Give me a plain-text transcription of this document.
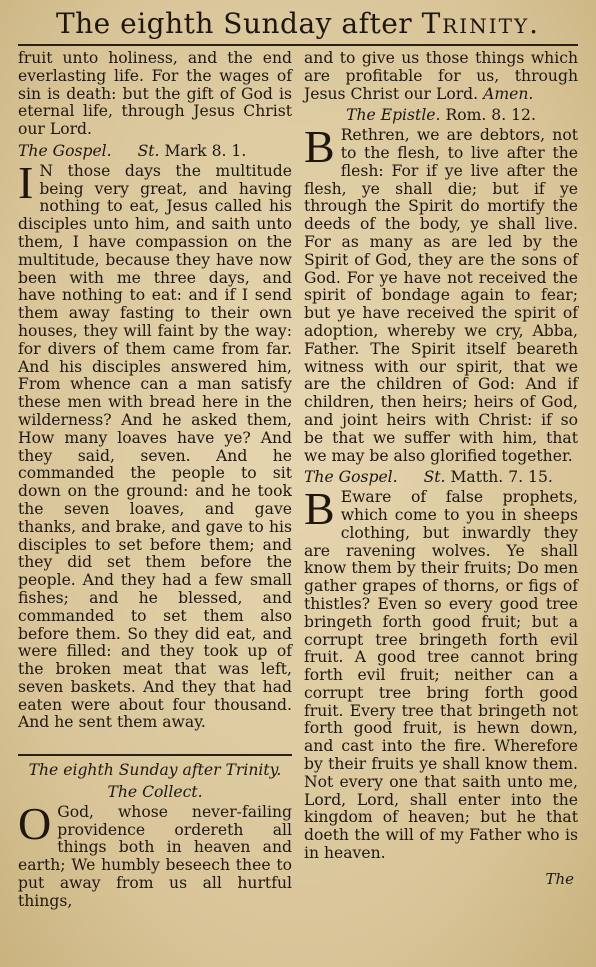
The eighth Sunday after Trinity.

fruit unto holiness, and the end everlasting life. For the wages of sin is death: but the gift of God is eternal life, through Jesus Christ our Lord.

The Gospel. St. Mark 8. 1.

I N those days the multitude being very great, and having nothing to eat, Jesus called his disciples unto him, and saith unto them, I have compassion on the multitude, because they have now been with me three days, and have nothing to eat: and if I send them away fasting to their own houses, they will faint by the way: for divers of them came from far. And his disciples answered him, From whence can a man satisfy these men with bread here in the wilderness? And he asked them, How many loaves have ye? And they said, seven. And he commanded the people to sit down on the ground: and he took the seven loaves, and gave thanks, and brake, and gave to his disciples to set before them; and they did set them before the people. And they had a few small fishes; and he blessed, and commanded to set them also before them. So they did eat, and were filled: and they took up of the broken meat that was left, seven baskets. And they that had eaten were about four thousand. And he sent them away.

The eighth Sunday after Trinity.
The Collect.

O God, whose never-failing providence ordereth all things both in heaven and earth; We humbly beseech thee to put away from us all hurtful things,

and to give us those things which are profitable for us, through Jesus Christ our Lord. Amen.

The Epistle. Rom. 8. 12.

B Rethren, we are debtors, not to the flesh, to live after the flesh: For if ye live after the flesh, ye shall die; but if ye through the Spirit do mortify the deeds of the body, ye shall live. For as many as are led by the Spirit of God, they are the sons of God. For ye have not received the spirit of bondage again to fear; but ye have received the spirit of adoption, whereby we cry, Abba, Father. The Spirit itself beareth witness with our spirit, that we are the children of God: And if children, then heirs; heirs of God, and joint heirs with Christ: if so be that we suffer with him, that we may be also glorified together.

The Gospel. St. Matth. 7. 15.

B Eware of false prophets, which come to you in sheeps clothing, but inwardly they are ravening wolves. Ye shall know them by their fruits; Do men gather grapes of thorns, or figs of thistles? Even so every good tree bringeth forth good fruit; but a corrupt tree bringeth forth evil fruit. A good tree cannot bring forth evil fruit; neither can a corrupt tree bring forth good fruit. Every tree that bringeth not forth good fruit, is hewn down, and cast into the fire. Wherefore by their fruits ye shall know them. Not every one that saith unto me, Lord, Lord, shall enter into the kingdom of heaven; but he that doeth the will of my Father who is in heaven.

The
